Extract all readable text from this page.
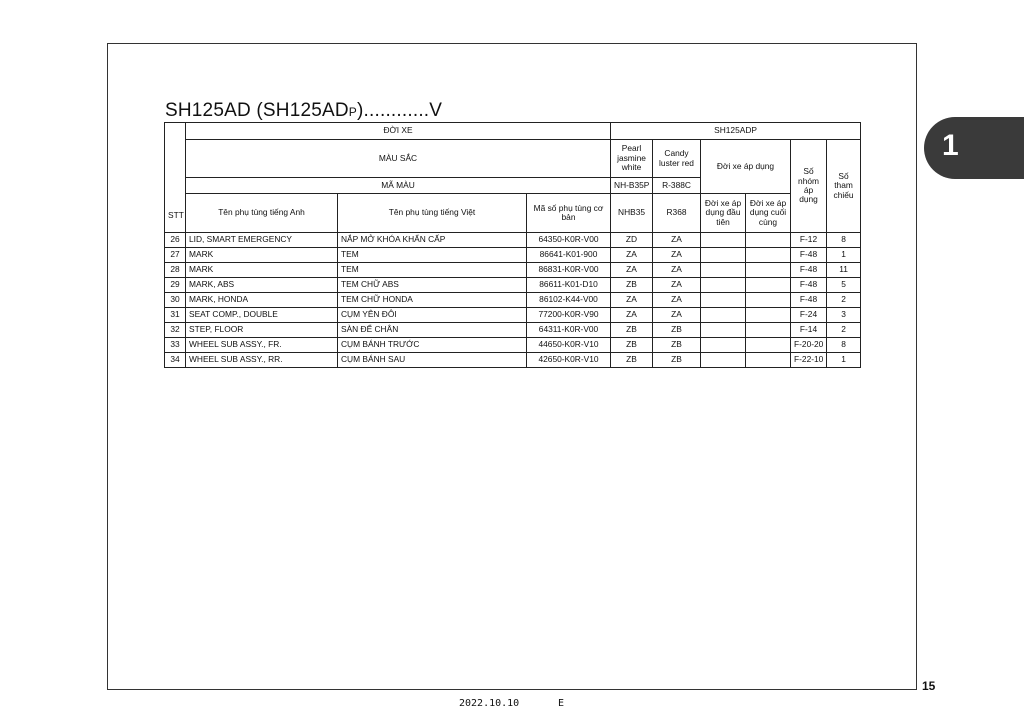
SH125AD (SH125ADP)............V
1
STT	ĐỜI XE			SH125ADP					
	MÀU SẮC			Pearl jasmine white	Candy luster red	Đời xe áp dụng		Số nhóm áp dụng	Số tham chiếu
	MÃ MÀU			NH-B35P	R-388C				
	Tên phụ tùng tiếng Anh	Tên phụ tùng tiếng Việt	Mã số phụ tùng cơ bản	NHB35	R368	Đời xe áp dụng đầu tiên	Đời xe áp dụng cuối cùng		
26	LID, SMART EMERGENCY	NẮP MỞ KHÓA KHẨN CẤP	64350-K0R-V00	ZD	ZA			F-12	8
27	MARK	TEM	86641-K01-900	ZA	ZA			F-48	1
28	MARK	TEM	86831-K0R-V00	ZA	ZA			F-48	11
29	MARK, ABS	TEM CHỮ ABS	86611-K01-D10	ZB	ZA			F-48	5
30	MARK, HONDA	TEM CHỮ HONDA	86102-K44-V00	ZA	ZA			F-48	2
31	SEAT COMP., DOUBLE	CỤM YÊN ĐÔI	77200-K0R-V90	ZA	ZA			F-24	3
32	STEP, FLOOR	SÀN ĐỂ CHÂN	64311-K0R-V00	ZB	ZB			F-14	2
33	WHEEL SUB ASSY., FR.	CỤM BÁNH TRƯỚC	44650-K0R-V10	ZB	ZB			F-20-20	8
34	WHEEL SUB ASSY., RR.	CỤM BÁNH SAU	42650-K0R-V10	ZB	ZB			F-22-10	1
15
2022.10.10	E
